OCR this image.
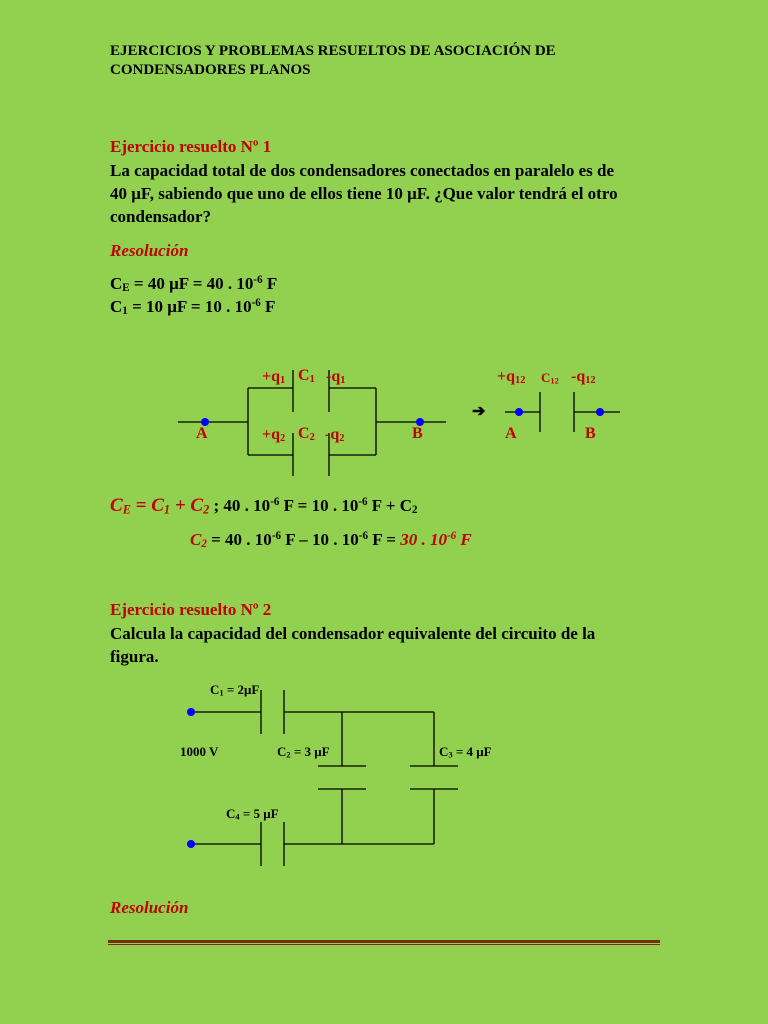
EJERCICIOS Y PROBLEMAS RESUELTOS DE ASOCIACIÓN DE
CONDENSADORES PLANOS
Ejercicio resuelto Nº 1
La capacidad total de dos condensadores conectados en paralelo es de
40 μF, sabiendo que uno de ellos tiene 10 μF. ¿Que valor tendrá el otro
condensador?
Resolución
$C_E = 40$ μF = 40 . $10^{-6}$ F
$C_1 = 10$ μF = 10 . $10^{-6}$ F
$+q_1$ $C_1$ $-q_1$
$+q_2$ $C_2$ $-q_2$
A	B
➔
$+q_{12}$ $C_{12}$ $-q_{12}$
A	B
$C_E = C_1 + C_2$ ; 40 . $10^{-6}$ F = 10 . $10^{-6}$ $F + C_2$
$C_2 = 40$ . $10^{-6}$ F – 10 . $10^{-6}$ F = 30 . $10^{-6}$ F
Ejercicio resuelto Nº 2
Calcula la capacidad del condensador equivalente del circuito de la
figura.
$C_1 = 2\mu F$
1000 V	$C_2 = 3$ μF	$C_3 = 4$ μF
$C_4 = 5$ μF
Resolución
